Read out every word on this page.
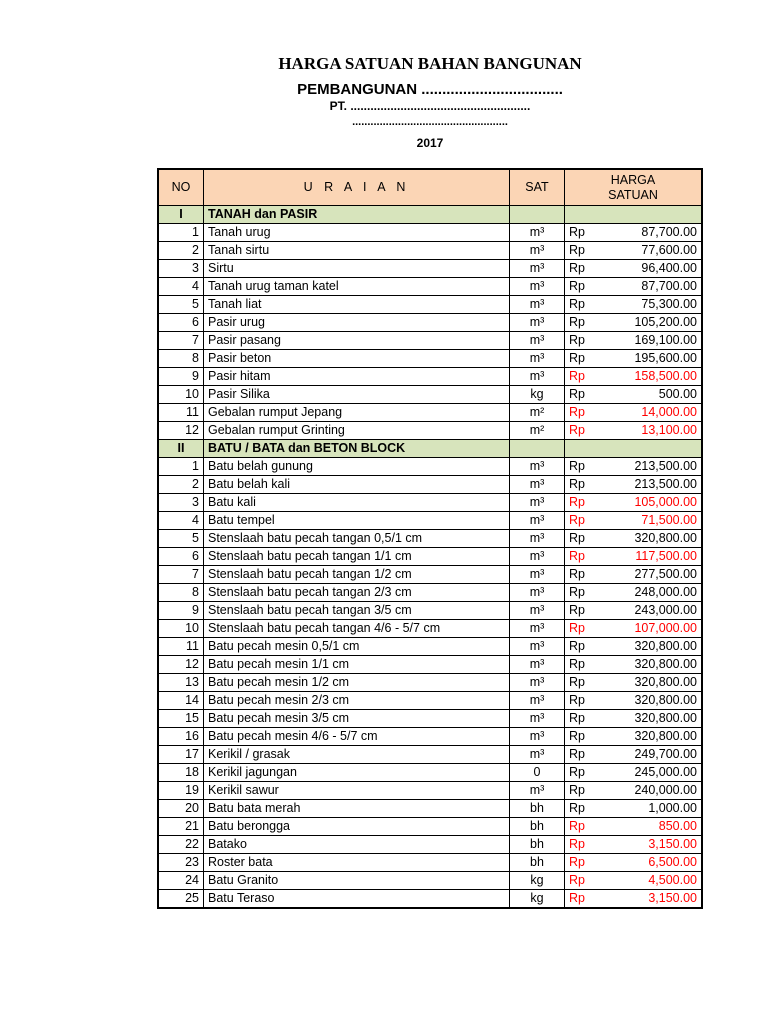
HARGA SATUAN BAHAN BANGUNAN
PEMBANGUNAN ..................................
PT. ......................................................
...................................................
2017
NO	U R A I A N	SAT	HARGA
SATUAN	
I	TANAH dan PASIR			
1	Tanah urug	m³	Rp	87,700.00
2	Tanah sirtu	m³	Rp	77,600.00
3	Sirtu	m³	Rp	96,400.00
4	Tanah urug taman katel	m³	Rp	87,700.00
5	Tanah liat	m³	Rp	75,300.00
6	Pasir urug	m³	Rp	105,200.00
7	Pasir pasang	m³	Rp	169,100.00
8	Pasir beton	m³	Rp	195,600.00
9	Pasir hitam	m³	Rp	158,500.00
10	Pasir Silika	kg	Rp	500.00
11	Gebalan rumput Jepang	m²	Rp	14,000.00
12	Gebalan rumput Grinting	m²	Rp	13,100.00
II	BATU / BATA dan BETON BLOCK			
1	Batu belah gunung	m³	Rp	213,500.00
2	Batu belah kali	m³	Rp	213,500.00
3	Batu kali	m³	Rp	105,000.00
4	Batu tempel	m³	Rp	71,500.00
5	Stenslaah batu pecah tangan 0,5/1 cm	m³	Rp	320,800.00
6	Stenslaah batu pecah tangan 1/1 cm	m³	Rp	117,500.00
7	Stenslaah batu pecah tangan 1/2 cm	m³	Rp	277,500.00
8	Stenslaah batu pecah tangan 2/3 cm	m³	Rp	248,000.00
9	Stenslaah batu pecah tangan 3/5 cm	m³	Rp	243,000.00
10	Stenslaah batu pecah tangan 4/6 - 5/7 cm	m³	Rp	107,000.00
11	Batu pecah mesin 0,5/1 cm	m³	Rp	320,800.00
12	Batu pecah mesin 1/1 cm	m³	Rp	320,800.00
13	Batu pecah mesin 1/2 cm	m³	Rp	320,800.00
14	Batu pecah mesin 2/3 cm	m³	Rp	320,800.00
15	Batu pecah mesin 3/5 cm	m³	Rp	320,800.00
16	Batu pecah mesin 4/6 - 5/7 cm	m³	Rp	320,800.00
17	Kerikil / grasak	m³	Rp	249,700.00
18	Kerikil jagungan	0	Rp	245,000.00
19	Kerikil sawur	m³	Rp	240,000.00
20	Batu bata merah	bh	Rp	1,000.00
21	Batu berongga	bh	Rp	850.00
22	Batako	bh	Rp	3,150.00
23	Roster bata	bh	Rp	6,500.00
24	Batu Granito	kg	Rp	4,500.00
25	Batu Teraso	kg	Rp	3,150.00
